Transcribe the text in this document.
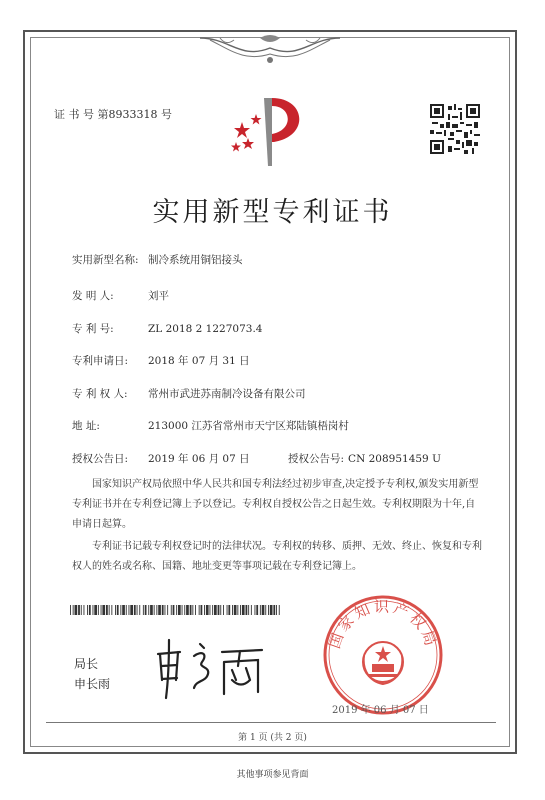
证 书 号 第8933318 号
实用新型专利证书
实用新型名称: 制冷系统用铜铝接头
发 明 人:	刘平
专 利 号:	ZL 2018 2 1227073.4
专利申请日: 2018 年 07 月 31 日
专 利 权 人: 常州市武进苏南制冷设备有限公司
地 址:	213000 江苏省常州市天宁区郑陆镇梧岗村
授权公告日: 2019 年 06 月 07 日	授权公告号: CN 208951459 U
国家知识产权局依照中华人民共和国专利法经过初步审查,决定授予专利权,颁发实用新型专利证书并在专利登记簿上予以登记。专利权自授权公告之日起生效。专利权期限为十年,自申请日起算。
专利证书记载专利权登记时的法律状况。专利权的转移、质押、无效、终止、恢复和专利权人的姓名或名称、国籍、地址变更等事项记载在专利登记簿上。
局长
申长雨
国家知识产权局
2019 年 06 月 07 日
第 1 页 (共 2 页)
其他事项参见背面
